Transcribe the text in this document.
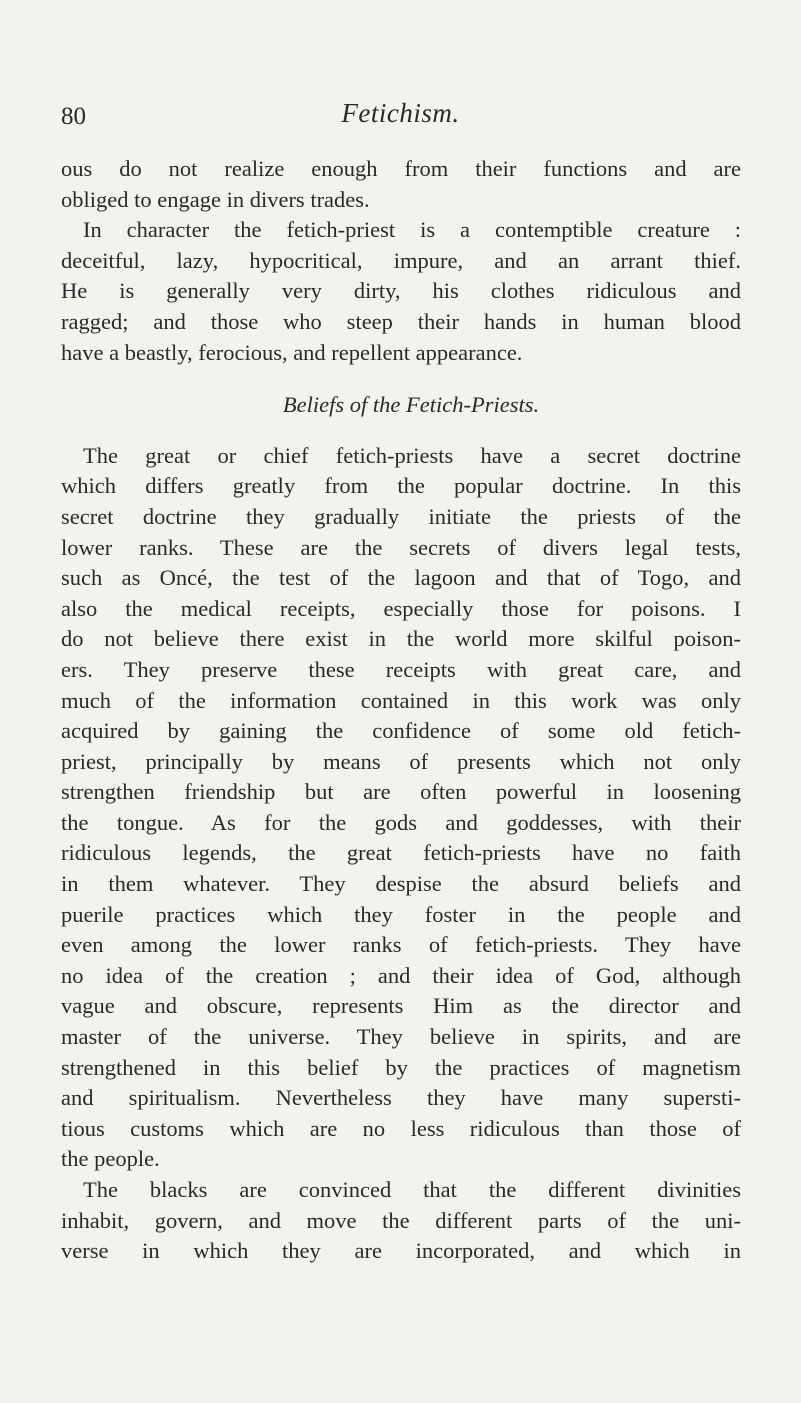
80	Fetichism.
ous do not realize enough from their functions and are
obliged to engage in divers trades.
In character the fetich-priest is a contemptible creature :
deceitful, lazy, hypocritical, impure, and an arrant thief.
He is generally very dirty, his clothes ridiculous and
ragged; and those who steep their hands in human blood
have a beastly, ferocious, and repellent appearance.
Beliefs of the Fetich-Priests.
The great or chief fetich-priests have a secret doctrine
which differs greatly from the popular doctrine. In this
secret doctrine they gradually initiate the priests of the
lower ranks. These are the secrets of divers legal tests,
such as Oncé, the test of the lagoon and that of Togo, and
also the medical receipts, especially those for poisons. I
do not believe there exist in the world more skilful poison-
ers. They preserve these receipts with great care, and
much of the information contained in this work was only
acquired by gaining the confidence of some old fetich-
priest, principally by means of presents which not only
strengthen friendship but are often powerful in loosening
the tongue. As for the gods and goddesses, with their
ridiculous legends, the great fetich-priests have no faith
in them whatever. They despise the absurd beliefs and
puerile practices which they foster in the people and
even among the lower ranks of fetich-priests. They have
no idea of the creation ; and their idea of God, although
vague and obscure, represents Him as the director and
master of the universe. They believe in spirits, and are
strengthened in this belief by the practices of magnetism
and spiritualism. Nevertheless they have many supersti-
tious customs which are no less ridiculous than those of
the people.
The blacks are convinced that the different divinities
inhabit, govern, and move the different parts of the uni-
verse in which they are incorporated, and which in
